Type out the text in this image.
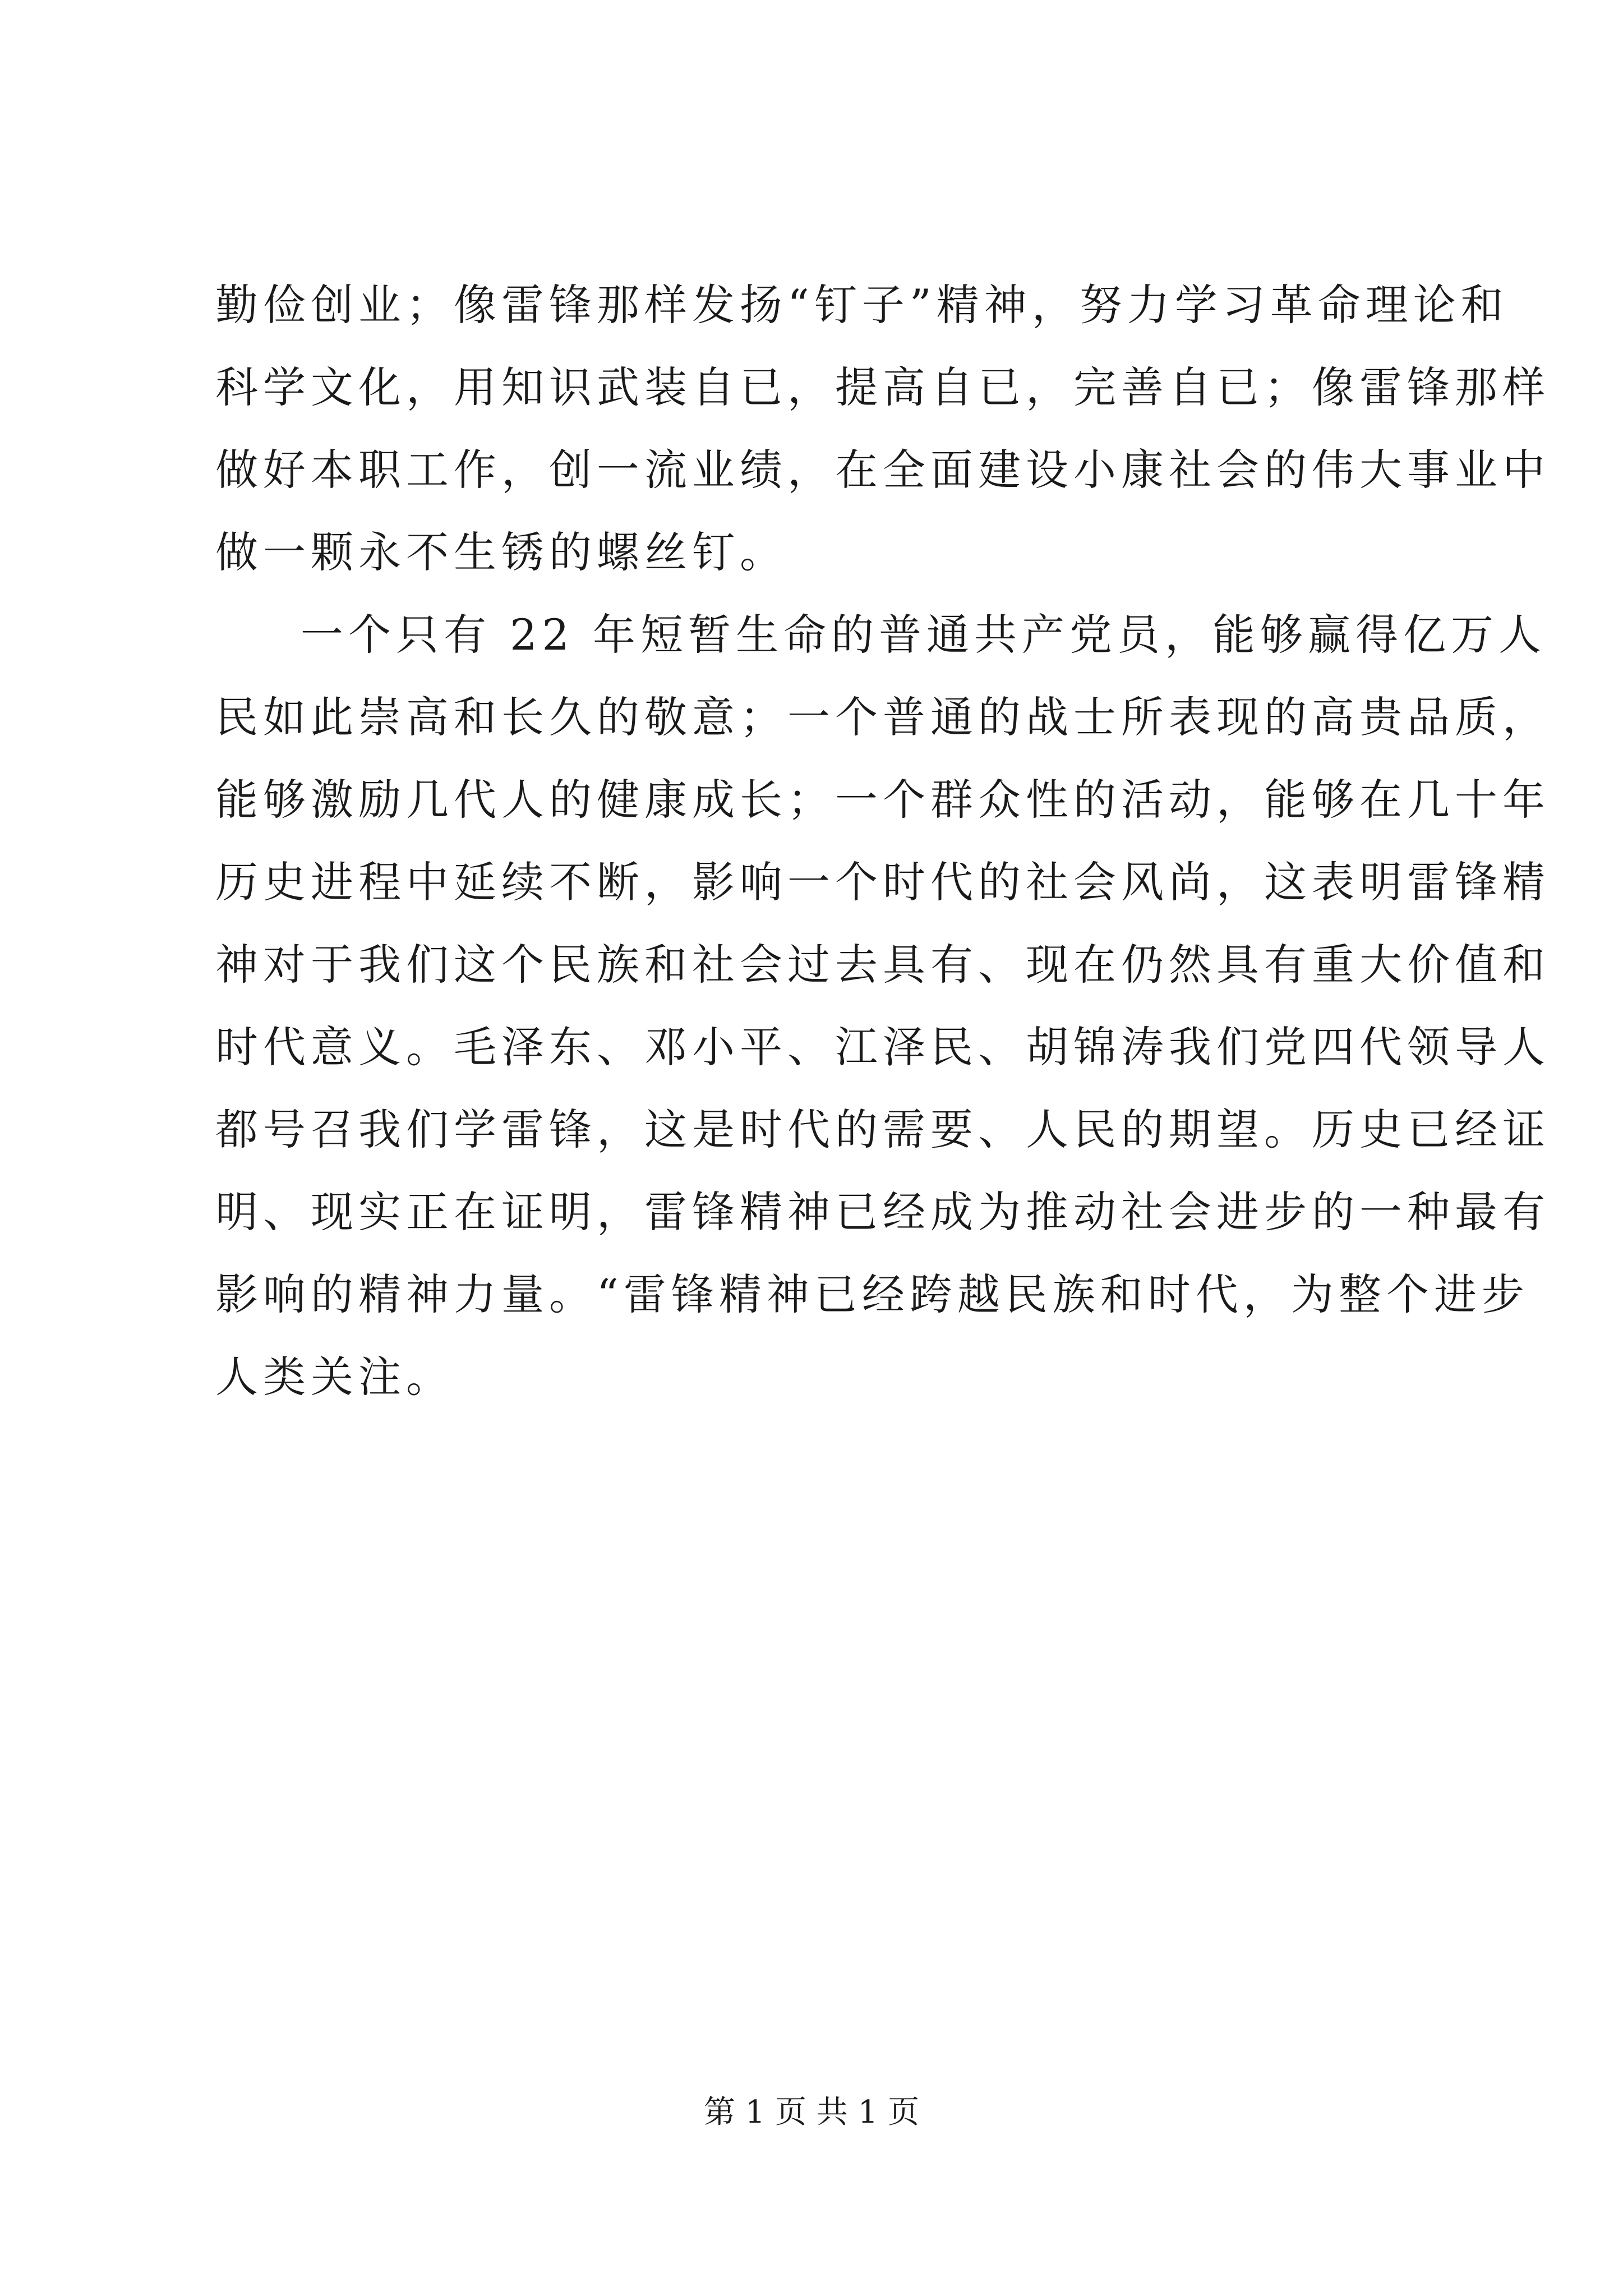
勤俭创业；像雷锋那样发扬“钉子”精神，努力学习革命理论和
科学文化，用知识武装自已，提高自已，完善自已；像雷锋那样
做好本职工作，创一流业绩，在全面建设小康社会的伟大事业中
做一颗永不生锈的螺丝钉。
一个只有 22 年短暂生命的普通共产党员，能够赢得亿万人
民如此崇高和长久的敬意；一个普通的战士所表现的高贵品质，
能够激励几代人的健康成长；一个群众性的活动，能够在几十年
历史进程中延续不断，影响一个时代的社会风尚，这表明雷锋精
神对于我们这个民族和社会过去具有、现在仍然具有重大价值和
时代意义。毛泽东、邓小平、江泽民、胡锦涛我们党四代领导人
都号召我们学雷锋，这是时代的需要、人民的期望。历史已经证
明、现实正在证明，雷锋精神已经成为推动社会进步的一种最有
影响的精神力量。“雷锋精神已经跨越民族和时代，为整个进步
人类关注。
第 1 页 共 1 页
